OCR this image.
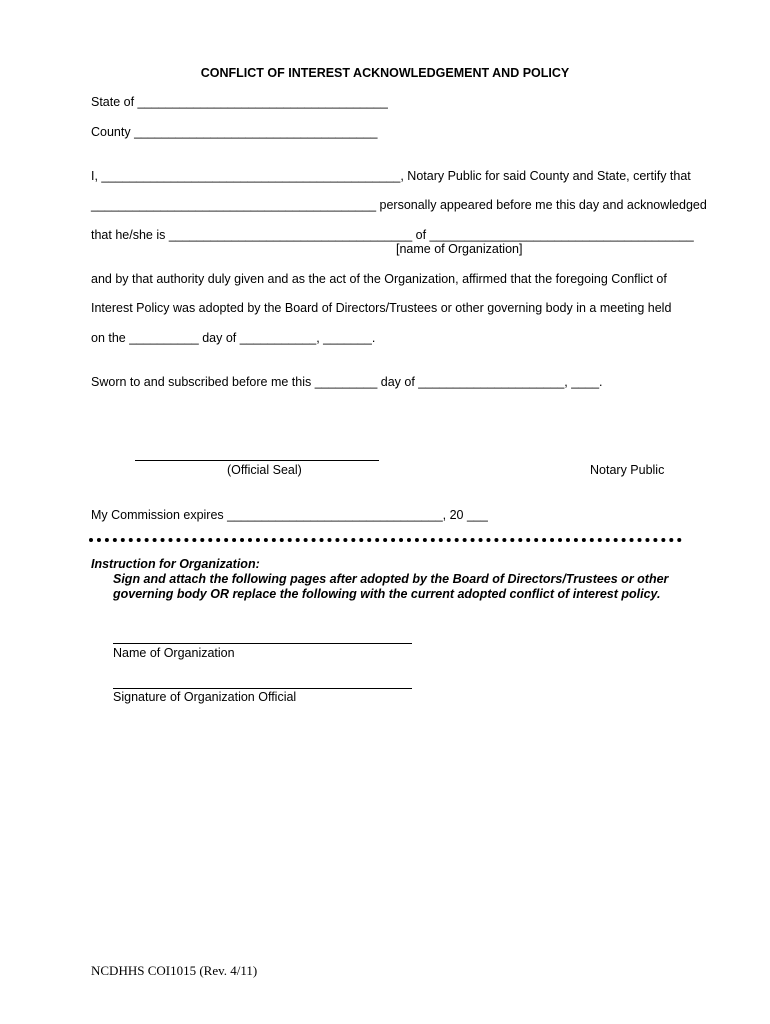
CONFLICT OF INTEREST ACKNOWLEDGEMENT AND POLICY
State of ____________________________________
County ___________________________________
I, ___________________________________________, Notary Public for said County and State, certify that
_________________________________________ personally appeared before me this day and acknowledged
that he/she is ___________________________________ of ______________________________________
[name of Organization]
and by that authority duly given and as the act of the Organization, affirmed that the foregoing Conflict of
Interest Policy was adopted by the Board of Directors/Trustees or other governing body in a meeting held
on the __________ day of ___________, _______.
Sworn to and subscribed before me this _________ day of _____________________, ____.
(Official Seal)	Notary Public
My Commission expires _______________________________, 20 ___
Instruction for Organization:
Sign and attach the following pages after adopted by the Board of Directors/Trustees or other
governing body OR replace the following with the current adopted conflict of interest policy.
Name of Organization
Signature of Organization Official
NCDHHS COI1015 (Rev. 4/11)
